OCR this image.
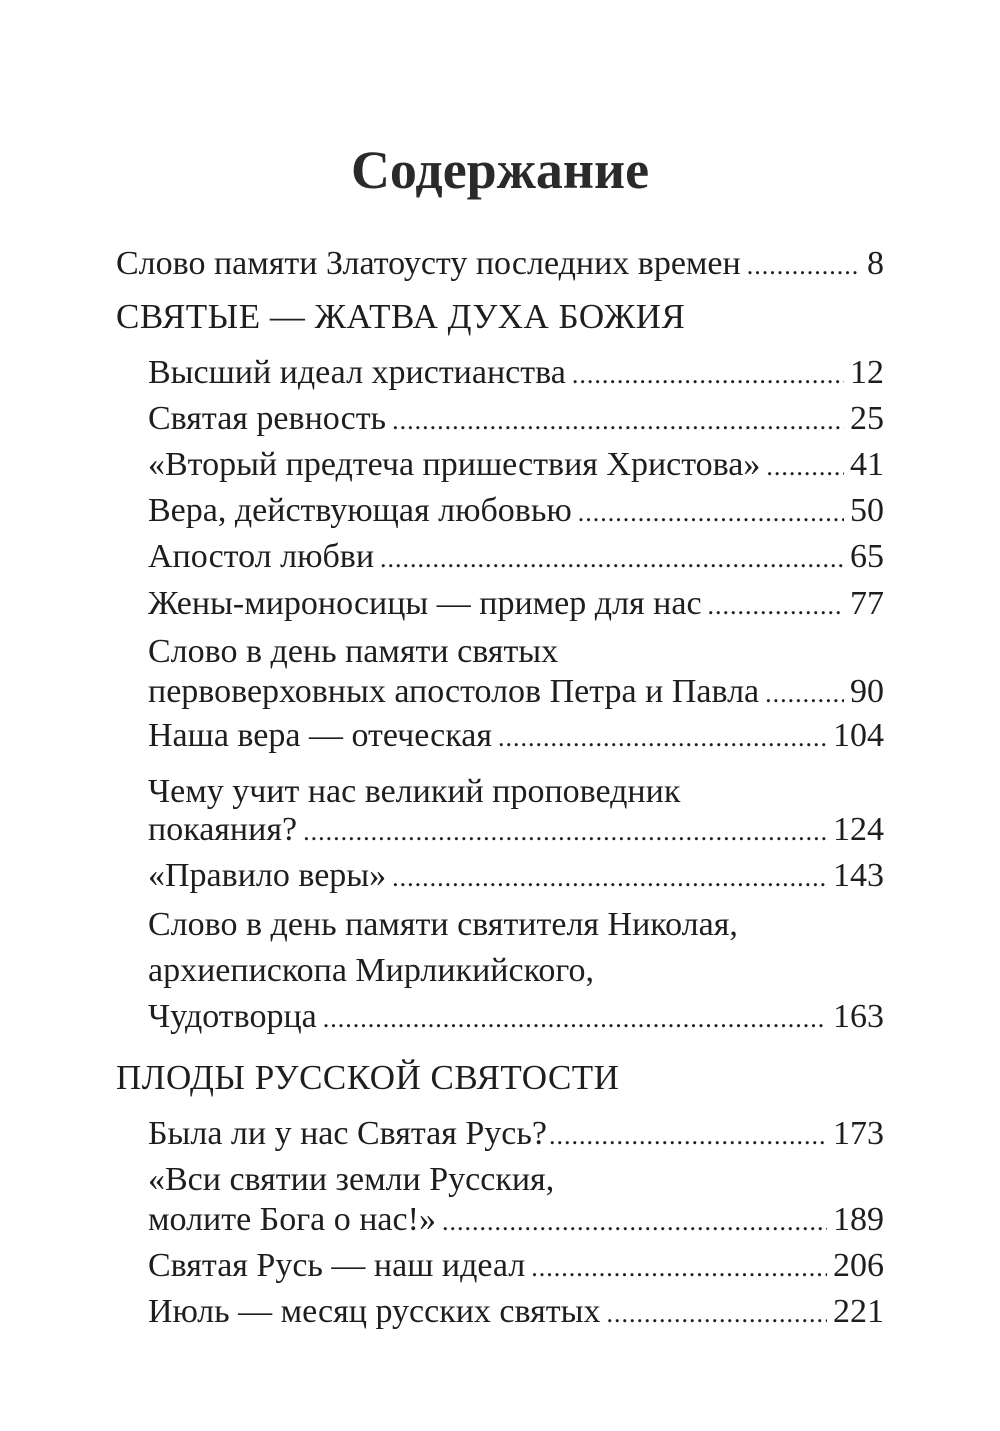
Содержание
Слово памяти Златоусту последних времен .....	8
СВЯТЫЕ — ЖАТВА ДУХА БОЖИЯ
Высший идеал христианства .....	12
Святая ревность .....	25
«Вторый предтеча пришествия Христова» .....	41
Вера, действующая любовью .....	50
Апостол любви .....	65
Жены-мироносицы — пример для нас .....	77
Слово в день памяти святых
первоверховных апостолов Петра и Павла .....	90
Наша вера — отеческая .....	104
Чему учит нас великий проповедник
покаяния? .....	124
«Правило веры» .....	143
Слово в день памяти святителя Николая,
архиепископа Мирликийского,
Чудотворца .....	163
ПЛОДЫ РУССКОЙ СВЯТОСТИ
Была ли у нас Святая Русь? .....	173
«Вси святии земли Русския,
молите Бога о нас!» .....	189
Святая Русь — наш идеал .....	206
Июль — месяц русских святых .....	221
